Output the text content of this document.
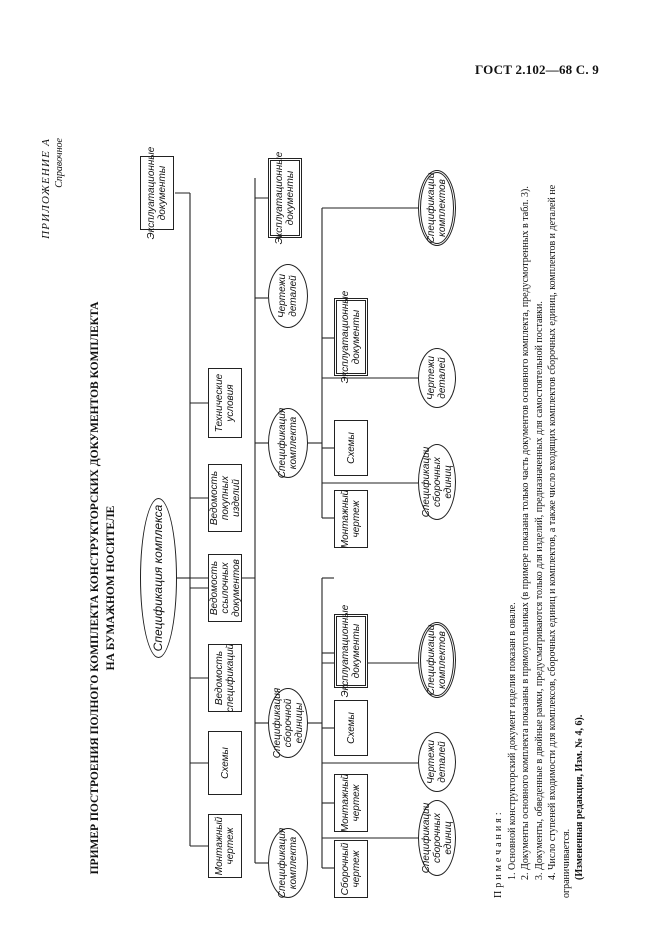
ГОСТ 2.102—68 С. 9
ПРИЛОЖЕНИЕ А Справочное
ПРИМЕР ПОСТРОЕНИЯ ПОЛНОГО КОМПЛЕКТА КОНСТРУКТОРСКИХ ДОКУМЕНТОВ КОМПЛЕКТА НА БУМАЖНОМ НОСИТЕЛЕ	Спецификация комплекса
Монтажный чертеж
Схемы
Ведомость спецификаций
Ведомость ссылочных документов
Ведомость покупных изделий
Технические условия
Эксплуатационные документы
Спецификация комплекта
Спецификация сборочной единицы
Спецификация комплекта
Чертежи деталей
Эксплуатационные документы
Сборочный чертеж
Монтажный чертеж
Схемы
Эксплуатационные документы
Спецификации сборочных единиц
Чертежи деталей
Спецификации комплектов
Монтажный чертеж
Схемы
Эксплуатационные документы
Спецификации сборочных единиц
Чертежи деталей
Спецификации комплектов

Примечания: 1. Основной конструкторский документ изделия показан в овале. 2. Документы основного комплекта показаны в прямоугольниках (в примере показана только часть документов основного комплекта, предусмотренных в табл. 3). 3. Документы, обведенные в двойные рамки, предусматриваются только для изделий, предназначенных для самостоятельной поставки. 4. Число ступеней входимости для комплексов, сборочных единиц и комплектов, а также число входящих комплектов сборочных единиц, комплектов и деталей не ограничивается. (Измененная редакция, Изм. № 4, 6).
